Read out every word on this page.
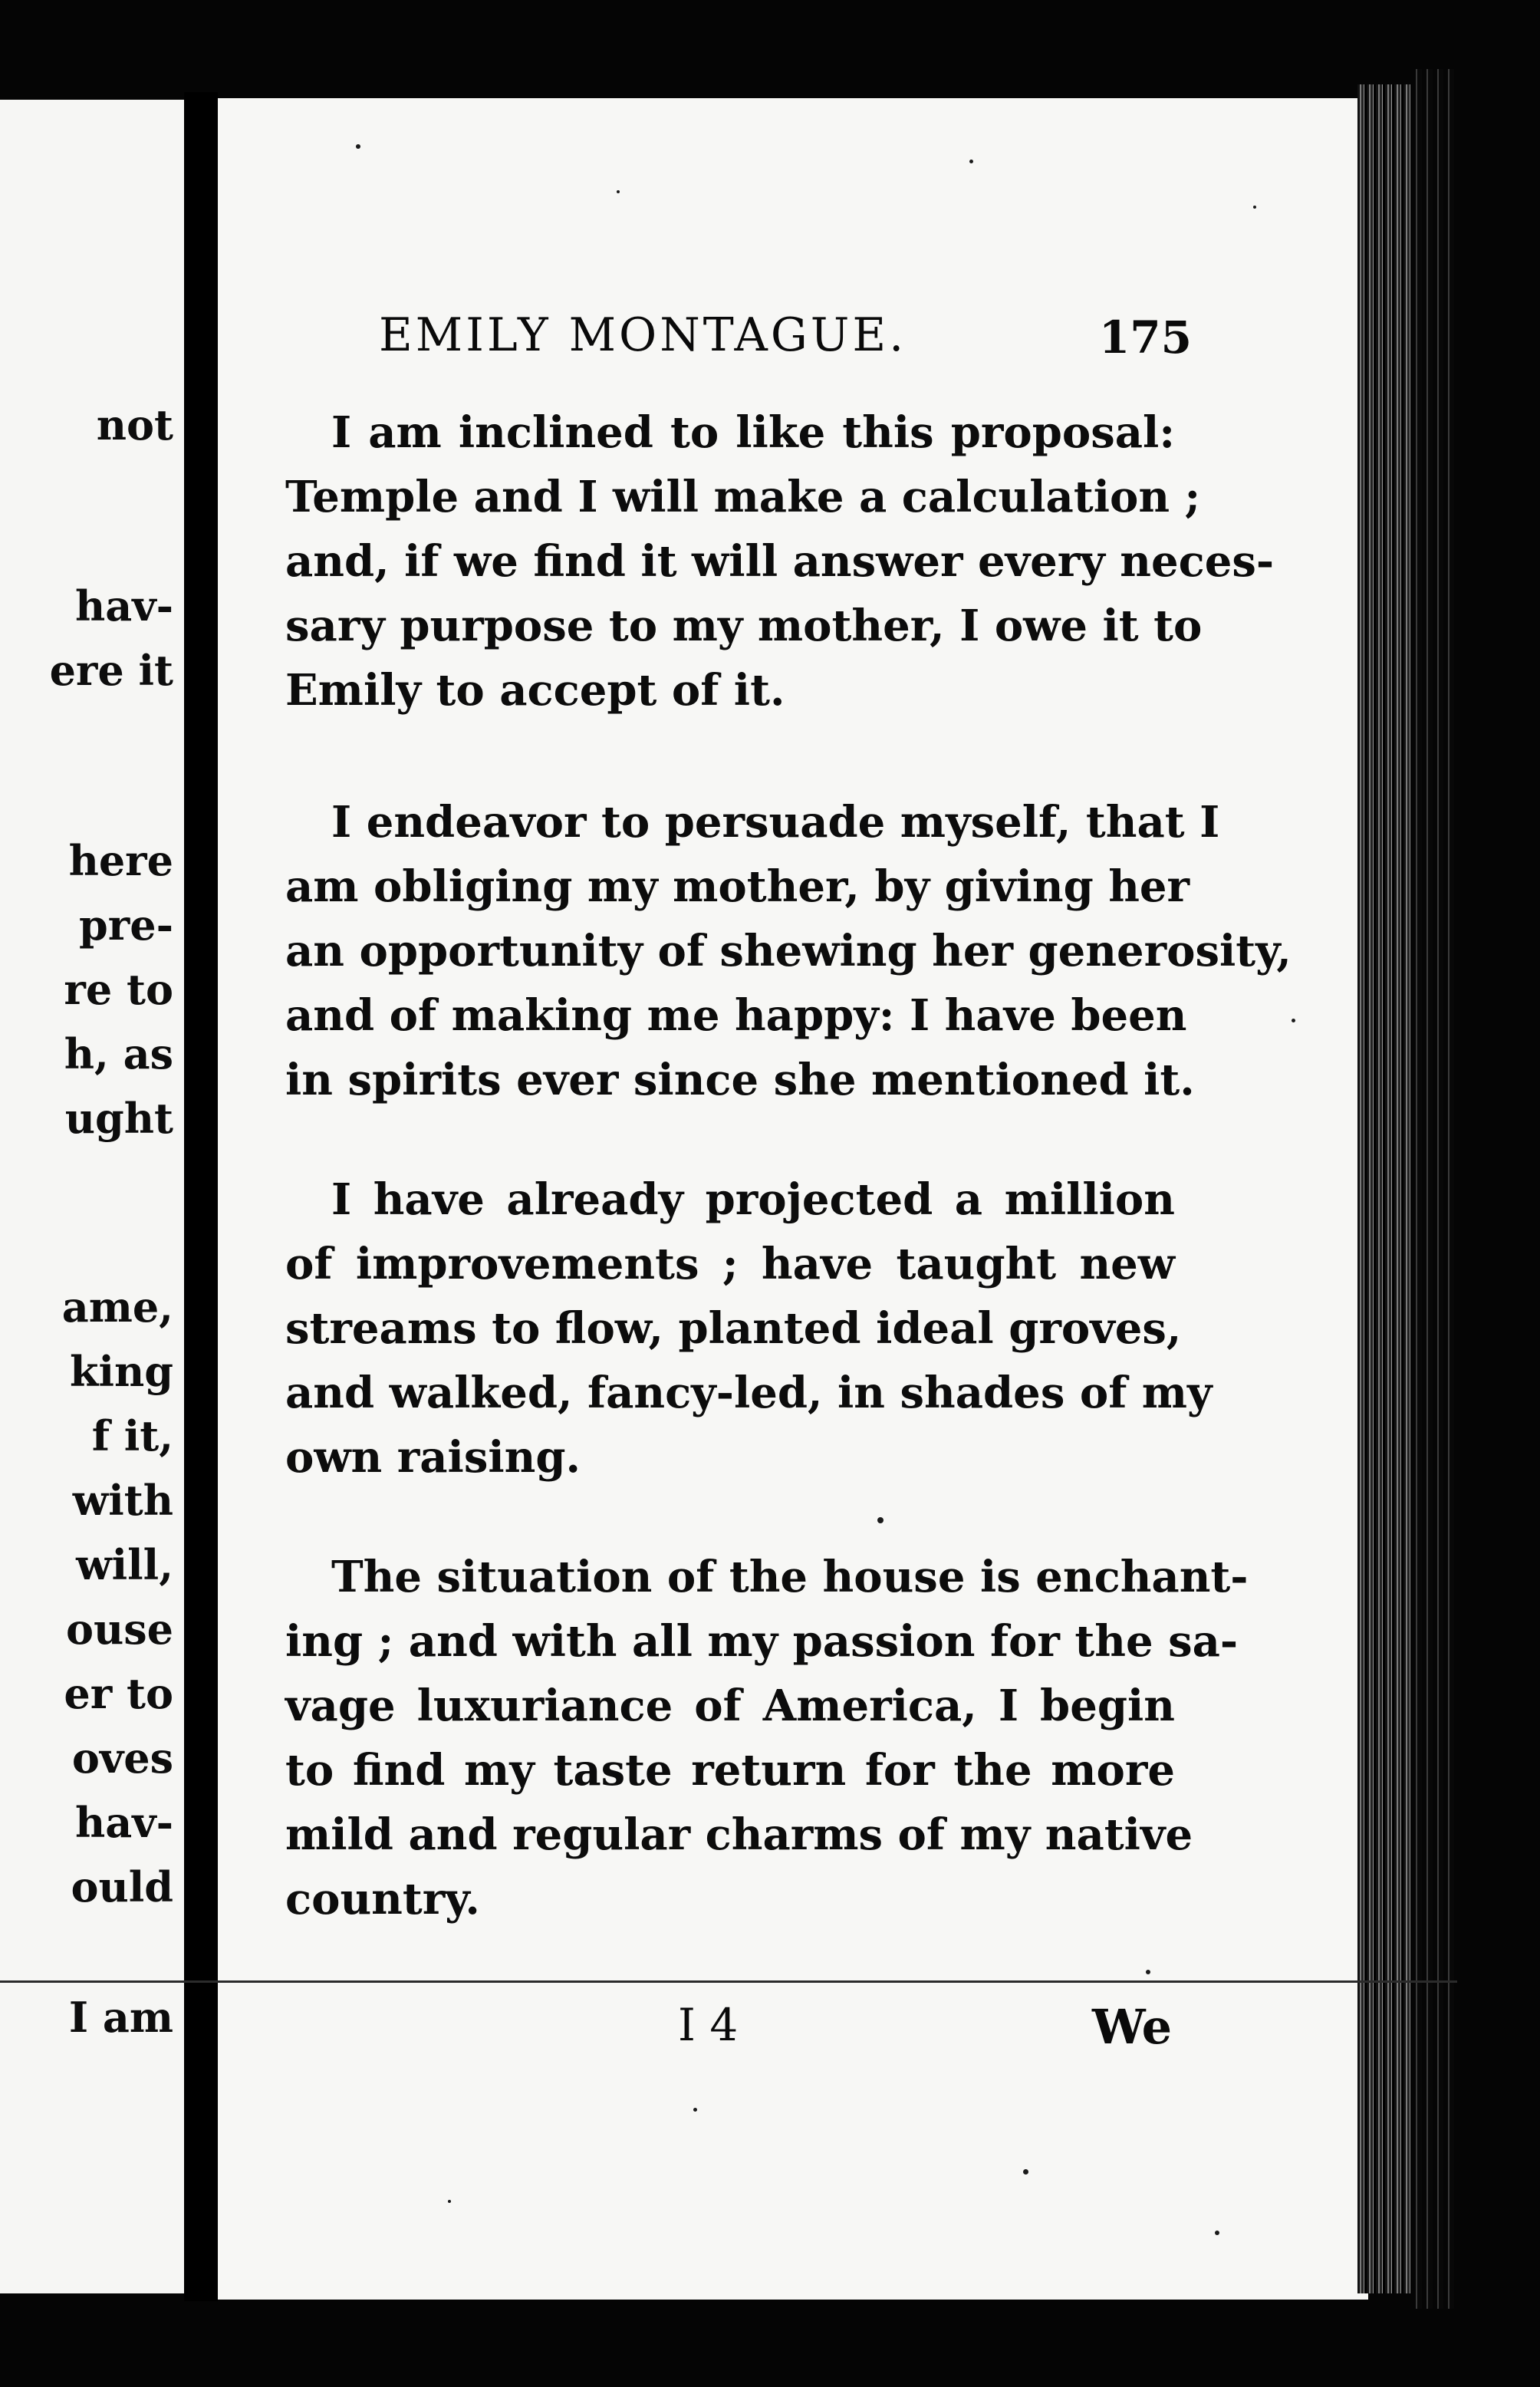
not
hav-
ere it
here
pre-
re to
h, as
ught
ame,
king
f it,
with
will,
ouse
er to
oves
hav-
ould
I am
EMILY MONTAGUE.	175
I am inclined to like this proposal:
Temple and I will make a calculation ;
and, if we find it will answer every neces-
sary purpose to my mother, I owe it to
Emily to accept of it.
I endeavor to persuade myself, that I
am obliging my mother, by giving her
an opportunity of shewing her generosity,
and of making me happy: I have been
in spirits ever since she mentioned it.
I have already projected a million
of improvements ; have taught new
streams to flow, planted ideal groves,
and walked, fancy-led, in shades of my
own raising.
The situation of the house is enchant-
ing ; and with all my passion for the sa-
vage luxuriance of America, I begin
to find my taste return for the more
mild and regular charms of my native
country.
I 4	We
